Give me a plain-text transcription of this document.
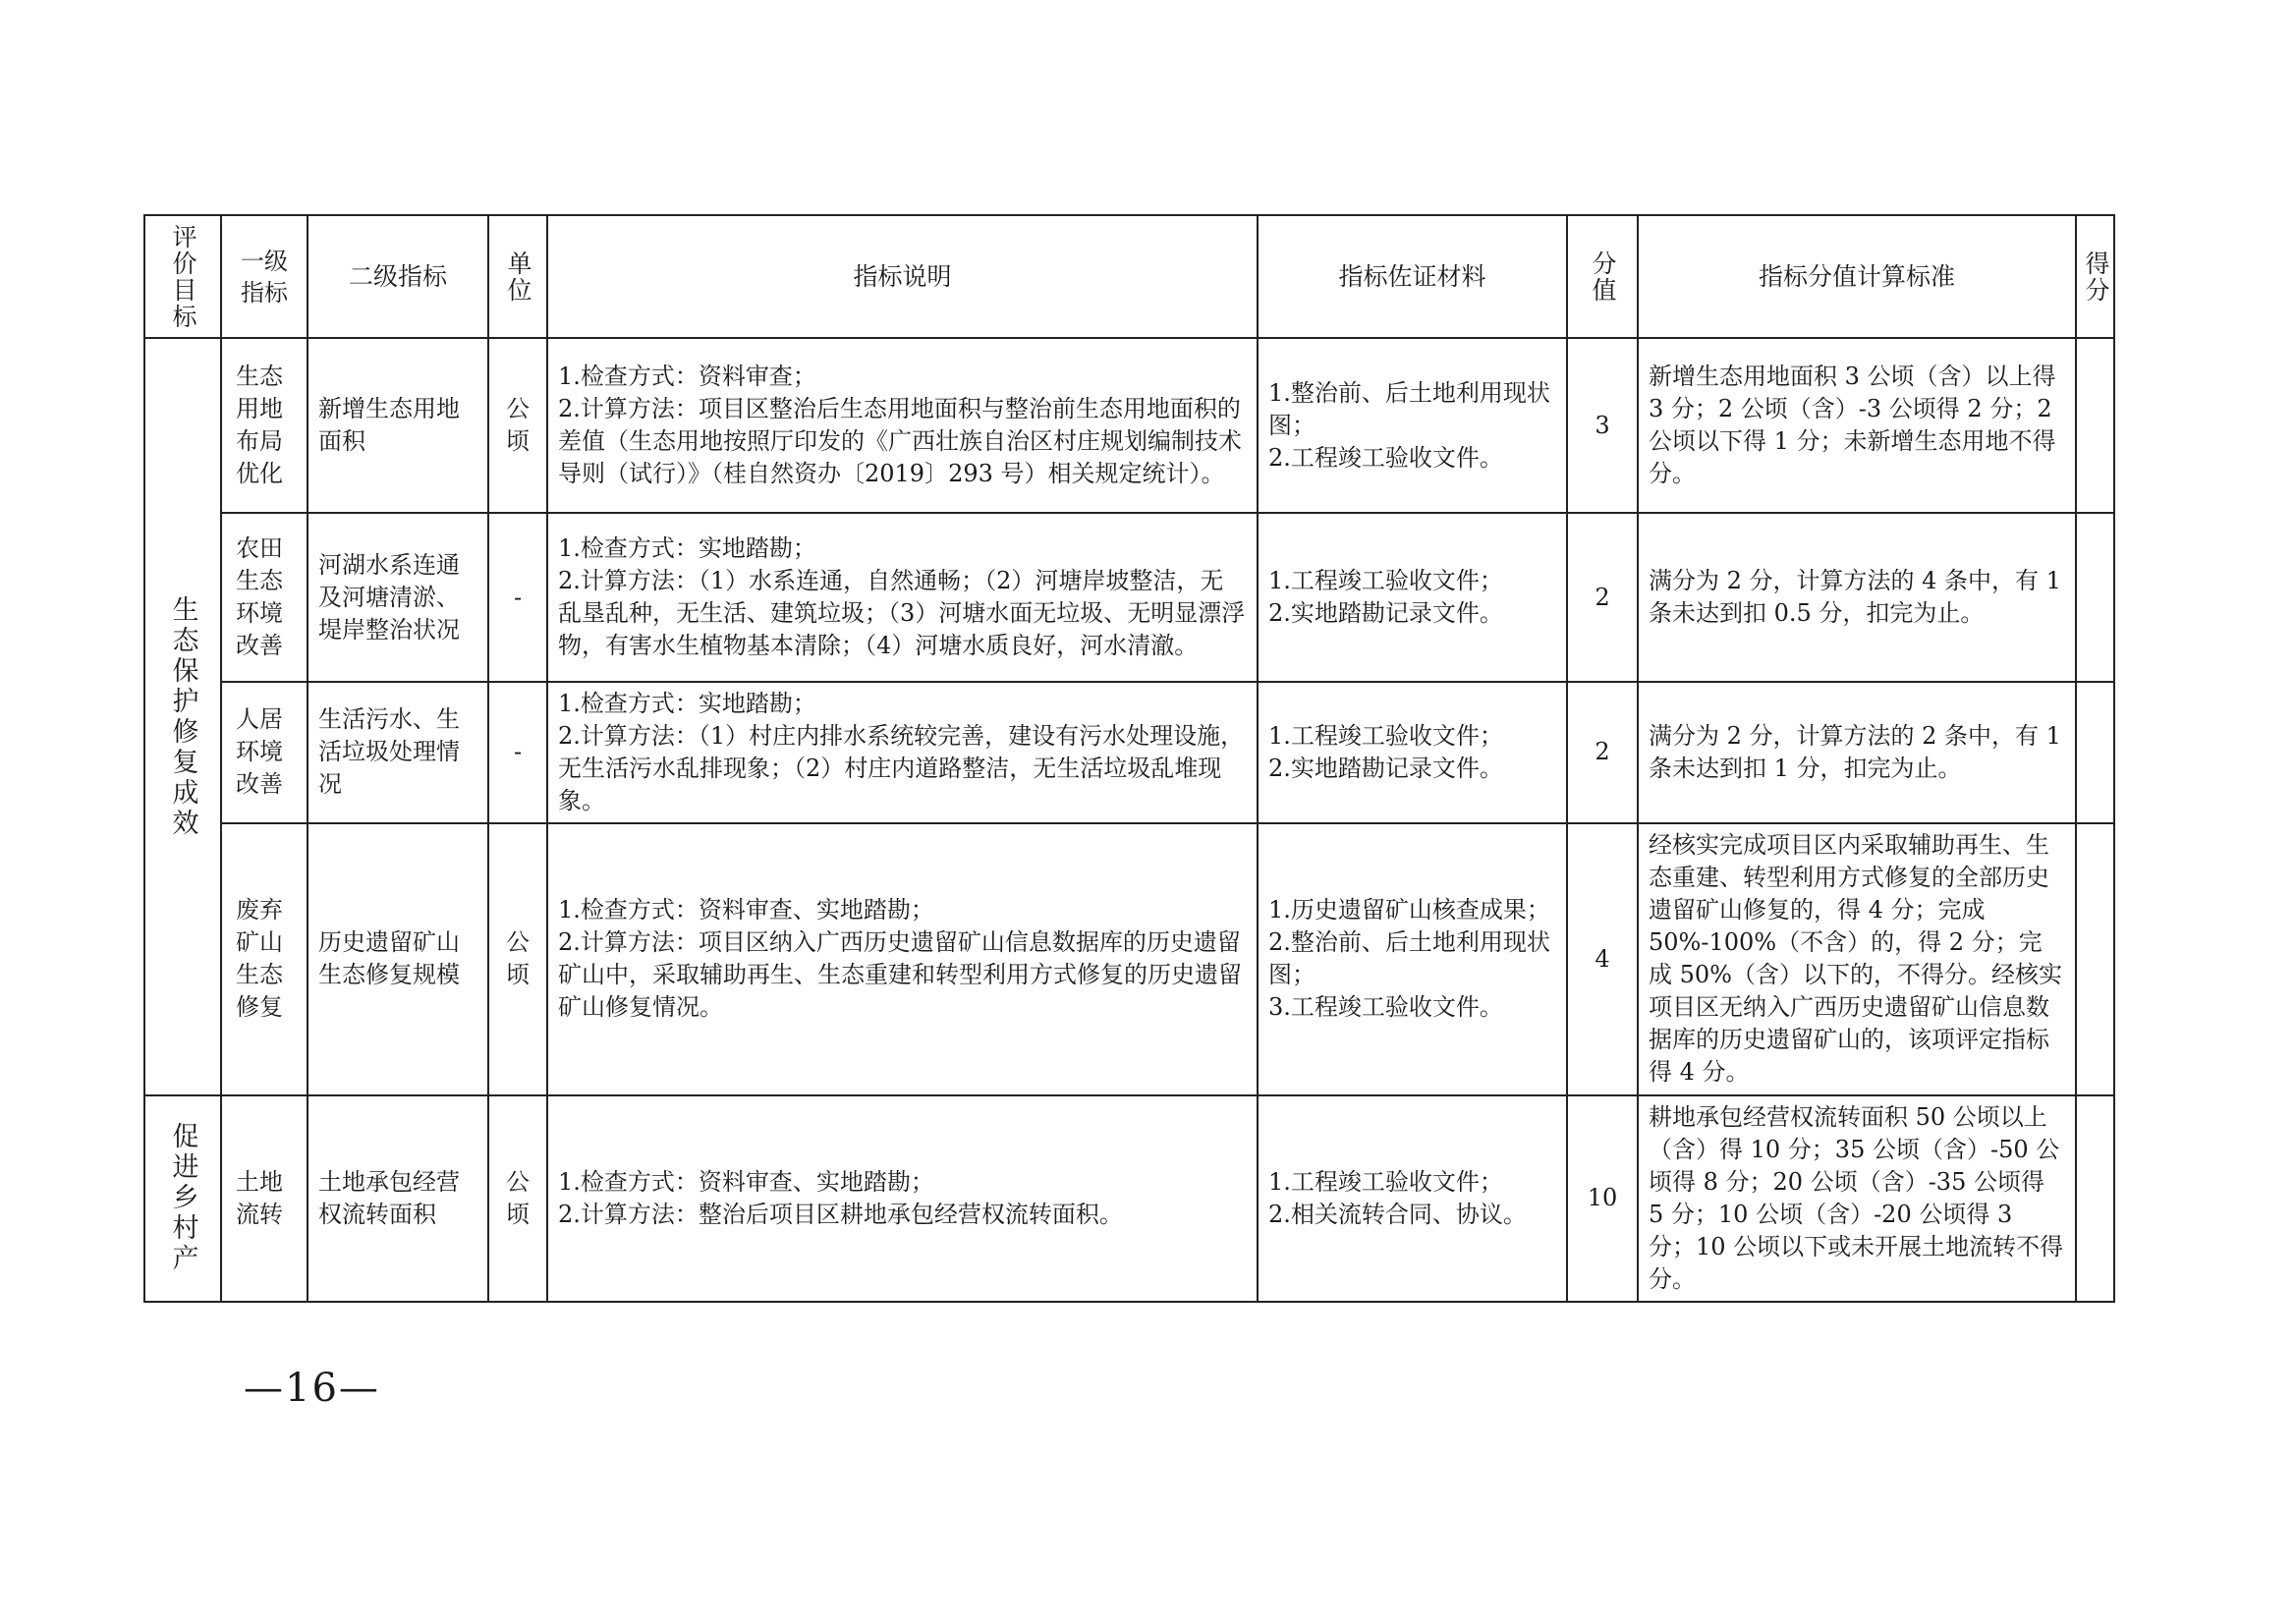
评价目标	一级指标	二级指标	单位	指标说明	指标佐证材料	分值	指标分值计算标准	得分

生态保护修复成效	生态用地布局优化	新增生态用地面积	公顷	1.检查方式：资料审查；
2.计算方法：项目区整治后生态用地面积与整治前生态用地面积的差值（生态用地按照厅印发的《广西壮族自治区村庄规划编制技术导则（试行）》（桂自然资办〔2019〕293 号）相关规定统计）。	1.整治前、后土地利用现状图；
2.工程竣工验收文件。	3	新增生态用地面积 3 公顷（含）以上得 3 分；2 公顷（含）-3 公顷得 2 分；2 公顷以下得 1 分；未新增生态用地不得分。	
	农田生态环境改善	河湖水系连通及河塘清淤、堤岸整治状况	-	1.检查方式：实地踏勘；
2.计算方法：（1）水系连通，自然通畅；（2）河塘岸坡整洁，无乱垦乱种，无生活、建筑垃圾；（3）河塘水面无垃圾、无明显漂浮物，有害水生植物基本清除；（4）河塘水质良好，河水清澈。	1.工程竣工验收文件；
2.实地踏勘记录文件。	2	满分为 2 分，计算方法的 4 条中，有 1 条未达到扣 0.5 分，扣完为止。	
	人居环境改善	生活污水、生活垃圾处理情况	-	1.检查方式：实地踏勘；
2.计算方法：（1）村庄内排水系统较完善，建设有污水处理设施，无生活污水乱排现象；（2）村庄内道路整洁，无生活垃圾乱堆现象。	1.工程竣工验收文件；
2.实地踏勘记录文件。	2	满分为 2 分，计算方法的 2 条中，有 1 条未达到扣 1 分，扣完为止。	
	废弃矿山生态修复	历史遗留矿山生态修复规模	公顷	1.检查方式：资料审查、实地踏勘；
2.计算方法：项目区纳入广西历史遗留矿山信息数据库的历史遗留矿山中，采取辅助再生、生态重建和转型利用方式修复的历史遗留矿山修复情况。	1.历史遗留矿山核查成果；
2.整治前、后土地利用现状图；
3.工程竣工验收文件。	4	经核实完成项目区内采取辅助再生、生态重建、转型利用方式修复的全部历史遗留矿山修复的，得 4 分；完成 50%-100%（不含）的，得 2 分；完成 50%（含）以下的，不得分。经核实项目区无纳入广西历史遗留矿山信息数据库的历史遗留矿山的，该项评定指标得 4 分。	

促进乡村产	土地流转	土地承包经营权流转面积	公顷	1.检查方式：资料审查、实地踏勘；
2.计算方法：整治后项目区耕地承包经营权流转面积。	1.工程竣工验收文件；
2.相关流转合同、协议。	10	耕地承包经营权流转面积 50 公顷以上（含）得 10 分；35 公顷（含）-50 公顷得 8 分；20 公顷（含）-35 公顷得 5 分；10 公顷（含）-20 公顷得 3 分；10 公顷以下或未开展土地流转不得分。	
—16—
